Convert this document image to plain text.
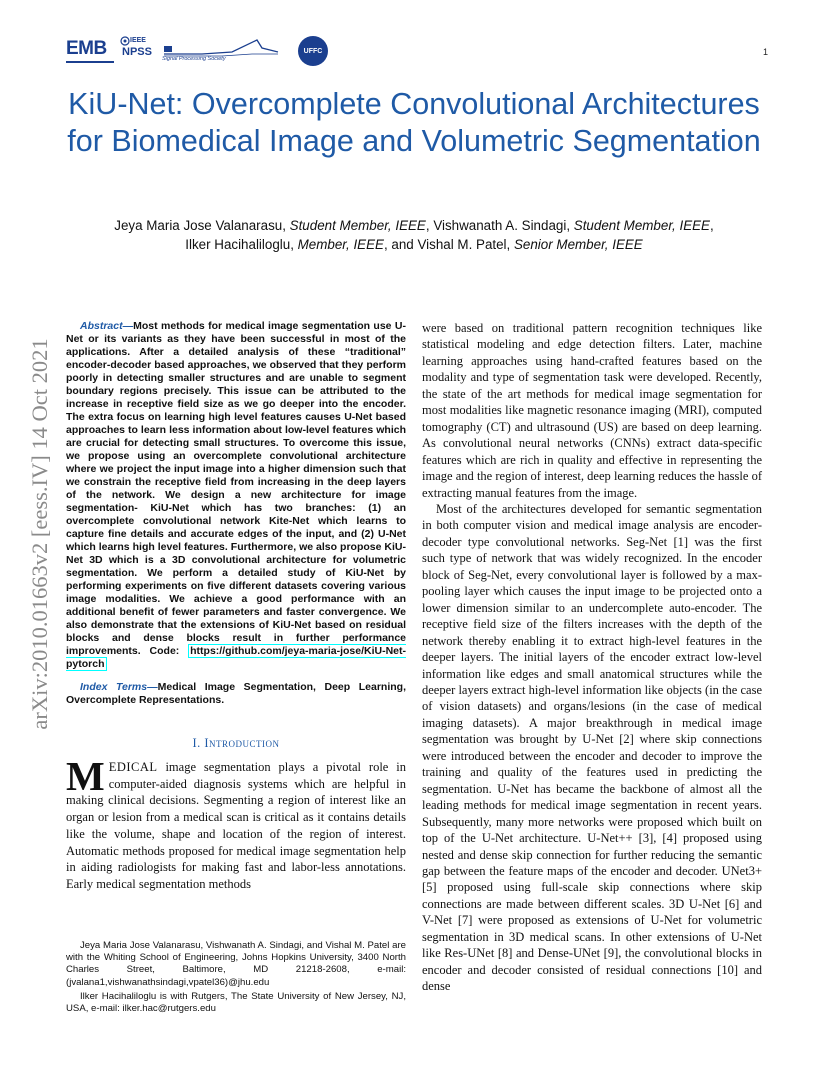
EMB	IEEE
NPSS
Signal Processing Society
UFFC	1
KiU-Net: Overcomplete Convolutional Architectures for Biomedical Image and Volumetric Segmentation
Jeya Maria Jose Valanarasu, Student Member, IEEE, Vishwanath A. Sindagi, Student Member, IEEE,
Ilker Hacihaliloglu, Member, IEEE, and Vishal M. Patel, Senior Member, IEEE
arXiv:2010.01663v2 [eess.IV] 14 Oct 2021

Abstract—Most methods for medical image segmentation use U-Net or its variants as they have been successful in most of the applications. After a detailed analysis of these “traditional” encoder-decoder based approaches, we observed that they perform poorly in detecting smaller structures and are unable to segment boundary regions precisely. This issue can be attributed to the increase in receptive field size as we go deeper into the encoder. The extra focus on learning high level features causes U-Net based approaches to learn less information about low-level features which are crucial for detecting small structures. To overcome this issue, we propose using an overcomplete convolutional architecture where we project the input image into a higher dimension such that we constrain the receptive field from increasing in the deep layers of the network. We design a new architecture for image segmentation- KiU-Net which has two branches: (1) an overcomplete convolutional network Kite-Net which learns to capture fine details and accurate edges of the input, and (2) U-Net which learns high level features. Furthermore, we also propose KiU-Net 3D which is a 3D convolutional architecture for volumetric segmentation. We perform a detailed study of KiU-Net by performing experiments on five different datasets covering various image modalities. We achieve a good performance with an additional benefit of fewer parameters and faster convergence. We also demonstrate that the extensions of KiU-Net based on residual blocks and dense blocks result in further performance improvements. Code: https://github.com/jeya-maria-jose/KiU-Net-pytorch

Index Terms—Medical Image Segmentation, Deep Learning, Overcomplete Representations.

I. Introduction

MEDICAL image segmentation plays a pivotal role in computer-aided diagnosis systems which are helpful in making clinical decisions. Segmenting a region of interest like an organ or lesion from a medical scan is critical as it contains details like the volume, shape and location of the region of interest. Automatic methods proposed for medical image segmentation help in aiding radiologists for making fast and labor-less annotations. Early medical segmentation methods

Jeya Maria Jose Valanarasu, Vishwanath A. Sindagi, and Vishal M. Patel are with the Whiting School of Engineering, Johns Hopkins University, 3400 North Charles Street, Baltimore, MD 21218-2608, e-mail: (jvalana1,vishwanathsindagi,vpatel36)@jhu.edu

Ilker Hacihaliloglu is with Rutgers, The State University of New Jersey, NJ, USA, e-mail: ilker.hac@rutgers.edu

were based on traditional pattern recognition techniques like statistical modeling and edge detection filters. Later, machine learning approaches using hand-crafted features based on the modality and type of segmentation task were developed. Recently, the state of the art methods for medical image segmentation for most modalities like magnetic resonance imaging (MRI), computed tomography (CT) and ultrasound (US) are based on deep learning. As convolutional neural networks (CNNs) extract data-specific features which are rich in quality and effective in representing the image and the region of interest, deep learning reduces the hassle of extracting manual features from the image.

Most of the architectures developed for semantic segmentation in both computer vision and medical image analysis are encoder-decoder type convolutional networks. Seg-Net [1] was the first such type of network that was widely recognized. In the encoder block of Seg-Net, every convolutional layer is followed by a max-pooling layer which causes the input image to be projected onto a lower dimension similar to an undercomplete auto-encoder. The receptive field size of the filters increases with the depth of the network thereby enabling it to extract high-level features in the deeper layers. The initial layers of the encoder extract low-level information like edges and small anatomical structures while the deeper layers extract high-level information like objects (in the case of vision datasets) and organs/lesions (in the case of medical imaging datasets). A major breakthrough in medical image segmentation was brought by U-Net [2] where skip connections were introduced between the encoder and decoder to improve the training and quality of the features used in predicting the segmentation. U-Net has became the backbone of almost all the leading methods for medical image segmentation in recent years. Subsequently, many more networks were proposed which built on top of the U-Net architecture. U-Net++ [3], [4] proposed using nested and dense skip connection for further reducing the semantic gap between the feature maps of the encoder and decoder. UNet3+ [5] proposed using full-scale skip connections where skip connections are made between different scales. 3D U-Net [6] and V-Net [7] were proposed as extensions of U-Net for volumetric segmentation in 3D medical scans. In other extensions of U-Net like Res-UNet [8] and Dense-UNet [9], the convolutional blocks in encoder and decoder consisted of residual connections [10] and dense
